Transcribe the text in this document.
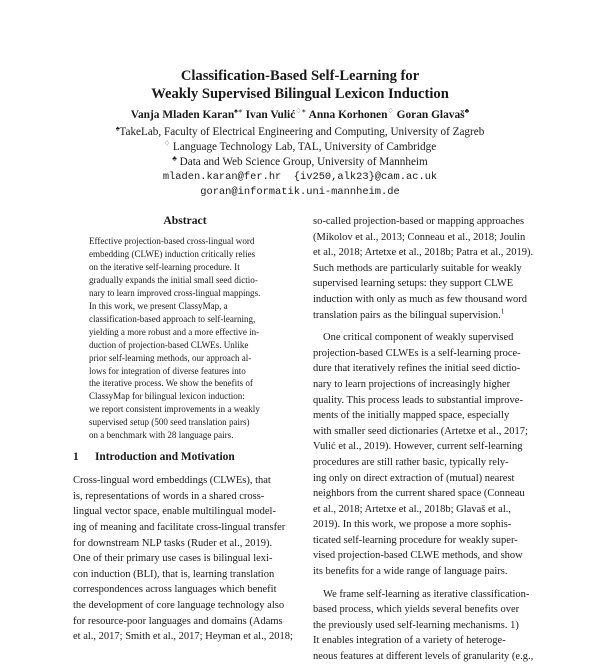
Classification-Based Self-Learning for
Weakly Supervised Bilingual Lexicon Induction
Vanja Mladen Karan♠∗ Ivan Vulić♢∗ Anna Korhonen♢ Goran Glavaš♣
♠TakeLab, Faculty of Electrical Engineering and Computing, University of Zagreb
♢ Language Technology Lab, TAL, University of Cambridge
♣ Data and Web Science Group, University of Mannheim
mladen.karan@fer.hr  {iv250,alk23}@cam.ac.uk
goran@informatik.uni-mannheim.de
Abstract

Effective projection-based cross-lingual word

embedding (CLWE) induction critically relies

on the iterative self-learning procedure. It

gradually expands the initial small seed dictio-

nary to learn improved cross-lingual mappings.

In this work, we present ClassyMap, a

classification-based approach to self-learning,

yielding a more robust and a more effective in-

duction of projection-based CLWEs. Unlike

prior self-learning methods, our approach al-

lows for integration of diverse features into

the iterative process. We show the benefits of

ClassyMap for bilingual lexicon induction:

we report consistent improvements in a weakly

supervised setup (500 seed translation pairs)

on a benchmark with 28 language pairs.

1 Introduction and Motivation
Cross-lingual word embeddings (CLWEs), that
is, representations of words in a shared cross-
lingual vector space, enable multilingual model-
ing of meaning and facilitate cross-lingual transfer
for downstream NLP tasks (Ruder et al., 2019).
One of their primary use cases is bilingual lexi-
con induction (BLI), that is, learning translation
correspondences across languages which benefit
the development of core language technology also
for resource-poor languages and domains (Adams
et al., 2017; Smith et al., 2017; Heyman et al., 2018;
so-called projection-based or mapping approaches
(Mikolov et al., 2013; Conneau et al., 2018; Joulin
et al., 2018; Artetxe et al., 2018b; Patra et al., 2019).
Such methods are particularly suitable for weakly
supervised learning setups: they support CLWE
induction with only as much as few thousand word
translation pairs as the bilingual supervision.$^1$
One critical component of weakly supervised
projection-based CLWEs is a self-learning proce-
dure that iteratively refines the initial seed dictio-
nary to learn projections of increasingly higher
quality. This process leads to substantial improve-
ments of the initially mapped space, especially
with smaller seed dictionaries (Artetxe et al., 2017;
Vulić et al., 2019). However, current self-learning
procedures are still rather basic, typically rely-
ing only on direct extraction of (mutual) nearest
neighbors from the current shared space (Conneau
et al., 2018; Artetxe et al., 2018b; Glavaš et al.,
2019). In this work, we propose a more sophis-
ticated self-learning procedure for weakly super-
vised projection-based CLWE methods, and show
its benefits for a wide range of language pairs.
We frame self-learning as iterative classification-
based process, which yields several benefits over
the previously used self-learning mechanisms. 1)
It enables integration of a variety of heteroge-
neous features at different levels of granularity (e.g.,
